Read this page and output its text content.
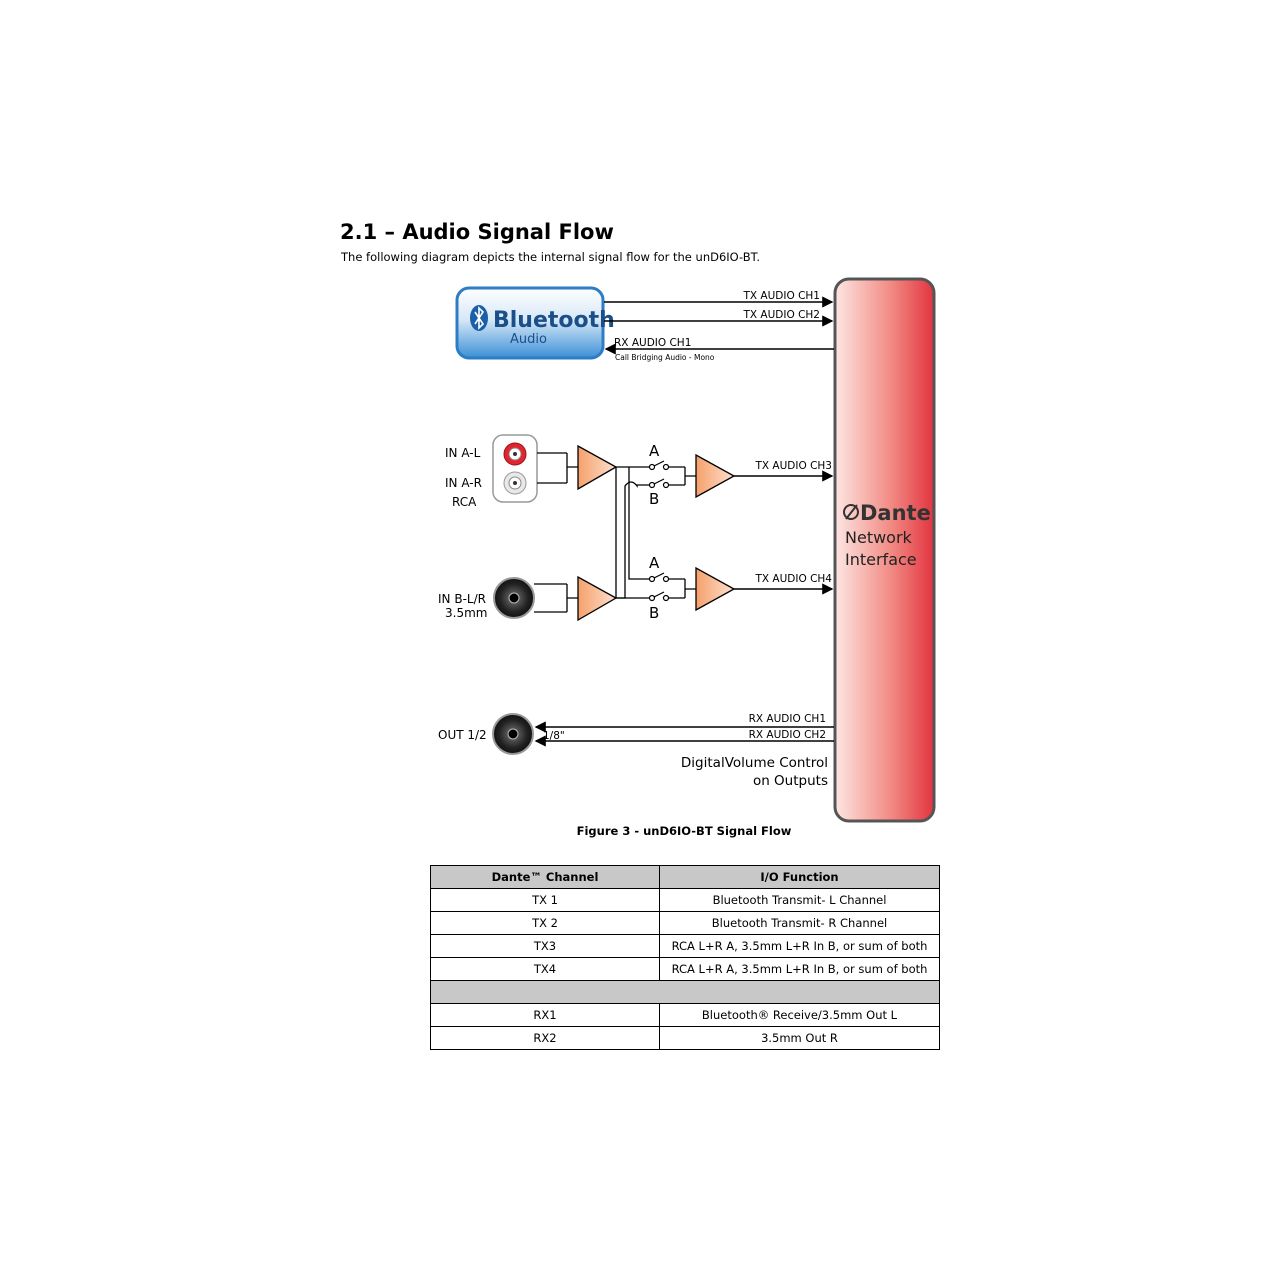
2.1 – Audio Signal Flow
The following diagram depicts the internal signal flow for the unD6IO-BT.
Dante
Network
Interface
Bluetooth
Audio
TX AUDIO CH1
TX AUDIO CH2
RX AUDIO CH1
Call Bridging Audio - Mono
IN A-L
IN A-R
RCA
IN B-L/R
3.5mm
A
B
A
B
TX AUDIO CH3
TX AUDIO CH4
OUT 1/2	1/8"
RX AUDIO CH1
RX AUDIO CH2
DigitalVolume Control
on Outputs
Figure 3 - unD6IO-BT Signal Flow
Dante™ Channel	I/O Function
TX 1	Bluetooth Transmit- L Channel
TX 2	Bluetooth Transmit- R Channel
TX3	RCA L+R A, 3.5mm L+R In B, or sum of both
TX4	RCA L+R A, 3.5mm L+R In B, or sum of both

RX1	Bluetooth® Receive/3.5mm Out L
RX2	3.5mm Out R
